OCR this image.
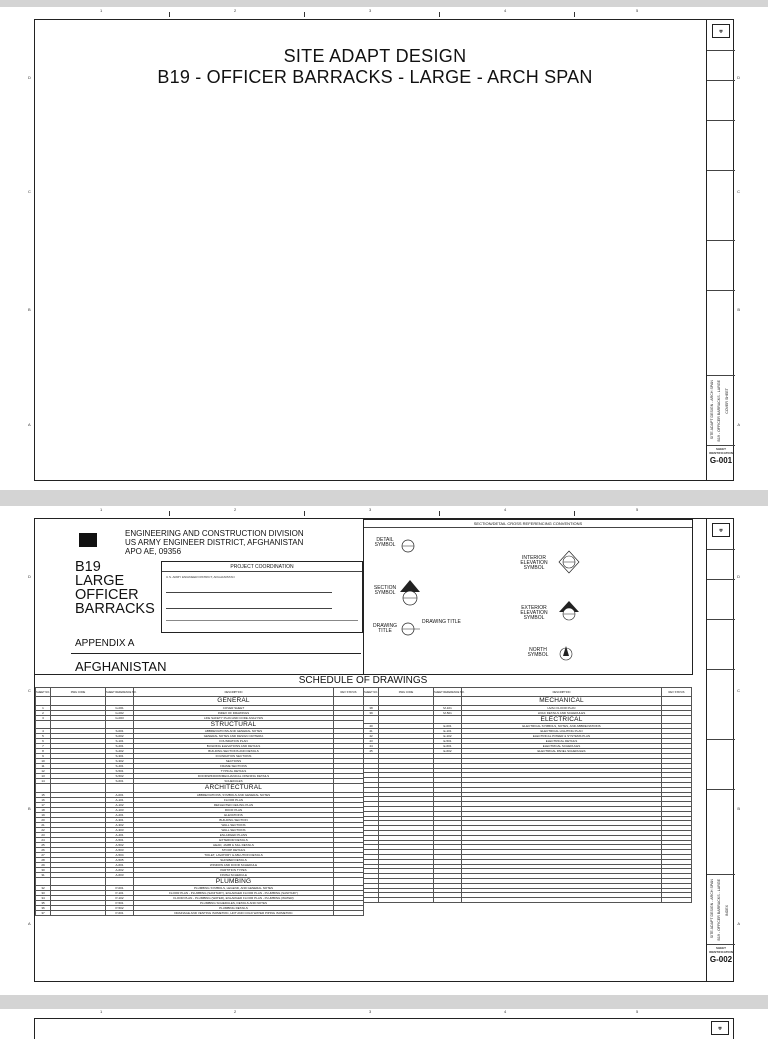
SITE ADAPT DESIGN
B19 - OFFICER BARRACKS - LARGE - ARCH SPAN
⛨
SITE ADAPT DESIGN - ARCH SPAN B19 - OFFICER BARRACKS - LARGE COVER SHEET
SHEET IDENTIFICATION
G-001
1	2	3	4	5
D	D
C	C
B	B
A	A
ENGINEERING AND CONSTRUCTION DIVISION
US ARMY ENGINEER DISTRICT, AFGHANISTAN
APO AE, 09356
B19
LARGE
OFFICER
BARRACKS
APPENDIX A
AFGHANISTAN
PROJECT COORDINATION
U.S. ARMY ENGINEER DISTRICT, AFGHANISTAN
SECTION/DETAIL CROSS REFERENCING CONVENTIONS
DETAIL SYMBOL
SECTION SYMBOL
DRAWING TITLE
DRAWING TITLE
INTERIOR ELEVATION SYMBOL
EXTERIOR ELEVATION SYMBOL
NORTH SYMBOL
SCHEDULE OF DRAWINGS
SHEET NO.	DWG CODE	SHEET REFERENCE NO.	DESCRIPTION	REV STATUS
			GENERAL	
1		G-001	COVER SHEET	
2		G-002	INDEX OF DRAWINGS	
3		G-003	LIFE SAFETY PLAN AND CODE ANALYSIS	
			STRUCTURAL	
4		S-001	ABBREVIATIONS AND GENERAL NOTES	
5		S-002	GENERAL NOTES AND DESIGN CRITERIA	
6		S-101	FOUNDATION PLAN	
7		S-201	BUILDING ELEVATIONS AND DETAILS	
8		S-202	BUILDING SECTIONS AND DETAILS	
9		S-301	FOUNDATION SECTIONS	
10		S-302	SECTIONS	
11		S-401	FRAME SECTIONS	
12		S-501	TYPICAL DETAILS	
13		S-502	DOOR/WINDOW/MECHANICAL OPENING DETAILS	
14		S-601	SCHEDULES	
			ARCHITECTURAL	
15		A-001	ABBREVIATIONS, SYMBOLS AND GENERAL NOTES	
16		A-101	FLOOR PLAN	
17		A-102	REFLECTED CEILING PLAN	
18		A-103	ROOF PLAN	
19		A-201	ELEVATIONS	
20		A-301	BUILDING SECTION	
21		A-302	WALL SECTIONS	
22		A-303	WALL SECTIONS	
23		A-401	ENLARGED PLANS	
24		A-501	EXTERIOR DETAILS	
25		A-502	HEAD, JAMB & SILL DETAILS	
26		A-503	STOOP DETAILS	
27		A-504	TOILET, LAVATORY & ABLUTION DETAILS	
28		A-505	SHOWER DETAILS	
29		A-601	WINDOW AND DOOR SCHEDULE	
30		A-602	PARTITION TYPES	
31		A-603	FINISH SCHEDULE	
			PLUMBING	
32		P-001	PLUMBING SYMBOLS, LEGEND, AND GENERAL NOTES	
33		P-101	FLOOR PLAN - PLUMBING (SANITARY), ENLARGED FLOOR PLAN - PLUMBING (SANITARY)	
34		P-102	FLOOR PLAN - PLUMBING (WATER), ENLARGED FLOOR PLAN - PLUMBING (WATER)	
35		P-501	PLUMBING SCHEDULES, DETAILS AND NOTES	
36		P-502	PLUMBING DETAILS	
37		P-601	DRAINAGE AND VENTING ISOMETRIC, HOT AND COLD WATER PIPING ISOMETRIC	
SHEET NO.	DWG CODE	SHEET REFERENCE NO.	DESCRIPTION	REV STATUS
			MECHANICAL	
38		M-101	HVAC FLOOR PLAN	
39		M-501	HVAC DETAILS AND SCHEDULES	
			ELECTRICAL	
40		E-001	ELECTRICAL SYMBOLS, NOTES, AND ABBREVIATIONS	
41		E-101	ELECTRICAL LIGHTING PLAN	
42		E-102	ELECTRICAL POWER & SYSTEMS PLAN	
43		E-501	ELECTRICAL DETAILS	
44		E-601	ELECTRICAL SCHEDULES	
45		E-602	ELECTRICAL PANEL SCHEDULES	

⛨
SITE ADAPT DESIGN - ARCH SPAN B19 - OFFICER BARRACKS - LARGE INDEX
SHEET IDENTIFICATION
G-002
1	2	3	4	5
D	D
C	C
B	B
A	A
⛨
1	2	3	4	5
